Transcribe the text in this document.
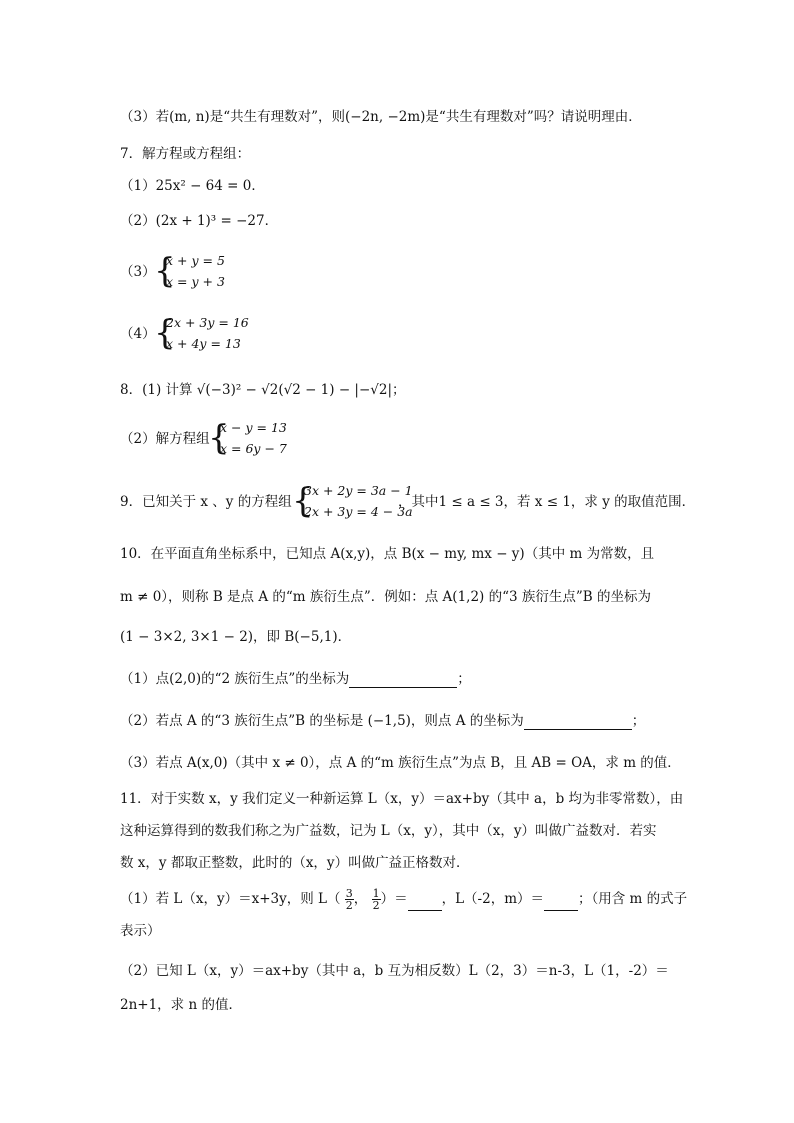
（3）若(m, n)是“共生有理数对”，则(−2n, −2m)是“共生有理数对”吗？请说明理由．
7．解方程或方程组：
（1）25x² − 64 = 0．
（2）(2x + 1)³ = −27．
（3）
{
x + y = 5
x = y + 3
（4）
{
2x + 3y = 16
x + 4y = 13
8．(1) 计算 √(−3)² − √2(√2 − 1) − |−√2|；
（2）解方程组
{
x − y = 13
x = 6y − 7
9．已知关于 x 、y 的方程组 {
3x + 2y = 3a − 1
2x + 3y = 4 − 3a
，其中1 ≤ a ≤ 3，若 x ≤ 1，求 y 的取值范围．
10．在平面直角坐标系中，已知点 A(x,y)，点 B(x − my, mx − y)（其中 m 为常数，且
m ≠ 0），则称 B 是点 A 的“m 族衍生点”．例如：点 A(1,2) 的“3 族衍生点”B 的坐标为
(1 − 3×2, 3×1 − 2)，即 B(−5,1)．
（1）点(2,0)的“2 族衍生点”的坐标为	；
（2）若点 A 的“3 族衍生点”B 的坐标是 (−1,5)，则点 A 的坐标为	；
（3）若点 A(x,0)（其中 x ≠ 0），点 A 的“m 族衍生点”为点 B，且 AB = OA，求 m 的值．
11．对于实数 x，y 我们定义一种新运算 L（x，y）＝ax+by（其中 a，b 均为非零常数），由
这种运算得到的数我们称之为广益数，记为 L（x，y），其中（x，y）叫做广益数对．若实
数 x，y 都取正整数，此时的（x，y）叫做广益正格数对．
（1）若 L（x，y）＝x+3y，则 $L( \frac{3}{2}$ ， $\frac{1}{2}$ ）＝	，L（-2，m）＝	；（用含 m 的式子
表示）
（2）已知 L（x，y）＝ax+by（其中 a，b 互为相反数）L（2，3）＝n-3，L（1，-2）＝
2n+1，求 n 的值．
